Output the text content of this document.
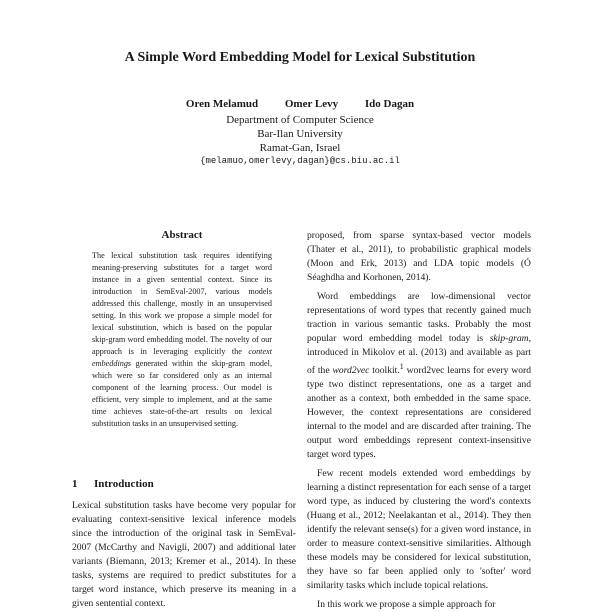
A Simple Word Embedding Model for Lexical Substitution
Oren Melamud Omer Levy Ido Dagan
Department of Computer Science
Bar-Ilan University
Ramat-Gan, Israel
{melamuo,omerlevy,dagan}@cs.biu.ac.il
Abstract

The lexical substitution task requires identifying meaning-preserving substitutes for a target word instance in a given sentential context. Since its introduction in SemEval-2007, various models addressed this challenge, mostly in an unsupervised setting. In this work we propose a simple model for lexical substitution, which is based on the popular skip-gram word embedding model. The novelty of our approach is in leveraging explicitly the context embeddings generated within the skip-gram model, which were so far considered only as an internal component of the learning process. Our model is efficient, very simple to implement, and at the same time achieves state-of-the-art results on lexical substitution tasks in an unsupervised setting.

1 Introduction

Lexical substitution tasks have become very popular for evaluating context-sensitive lexical inference models since the introduction of the original task in SemEval-2007 (McCarthy and Navigli, 2007) and additional later variants (Biemann, 2013; Kremer et al., 2014). In these tasks, systems are required to predict substitutes for a target word instance, which preserve its meaning in a given sentential context.

proposed, from sparse syntax-based vector models (Thater et al., 2011), to probabilistic graphical models (Moon and Erk, 2013) and LDA topic models (Ó Séaghdha and Korhonen, 2014).

Word embeddings are low-dimensional vector representations of word types that recently gained much traction in various semantic tasks. Probably the most popular word embedding model today is skip-gram, introduced in Mikolov et al. (2013) and available as part of the word2vec toolkit.$^1$ word2vec learns for every word type two distinct representations, one as a target and another as a context, both embedded in the same space. However, the context representations are considered internal to the model and are discarded after training. The output word embeddings represent context-insensitive target word types.

Few recent models extended word embeddings by learning a distinct representation for each sense of a target word type, as induced by clustering the word's contexts (Huang et al., 2012; Neelakantan et al., 2014). They then identify the relevant sense(s) for a given word instance, in order to measure context-sensitive similarities. Although these models may be considered for lexical substitution, they have so far been applied only to 'softer' word similarity tasks which include topical relations.

In this work we propose a simple approach for
